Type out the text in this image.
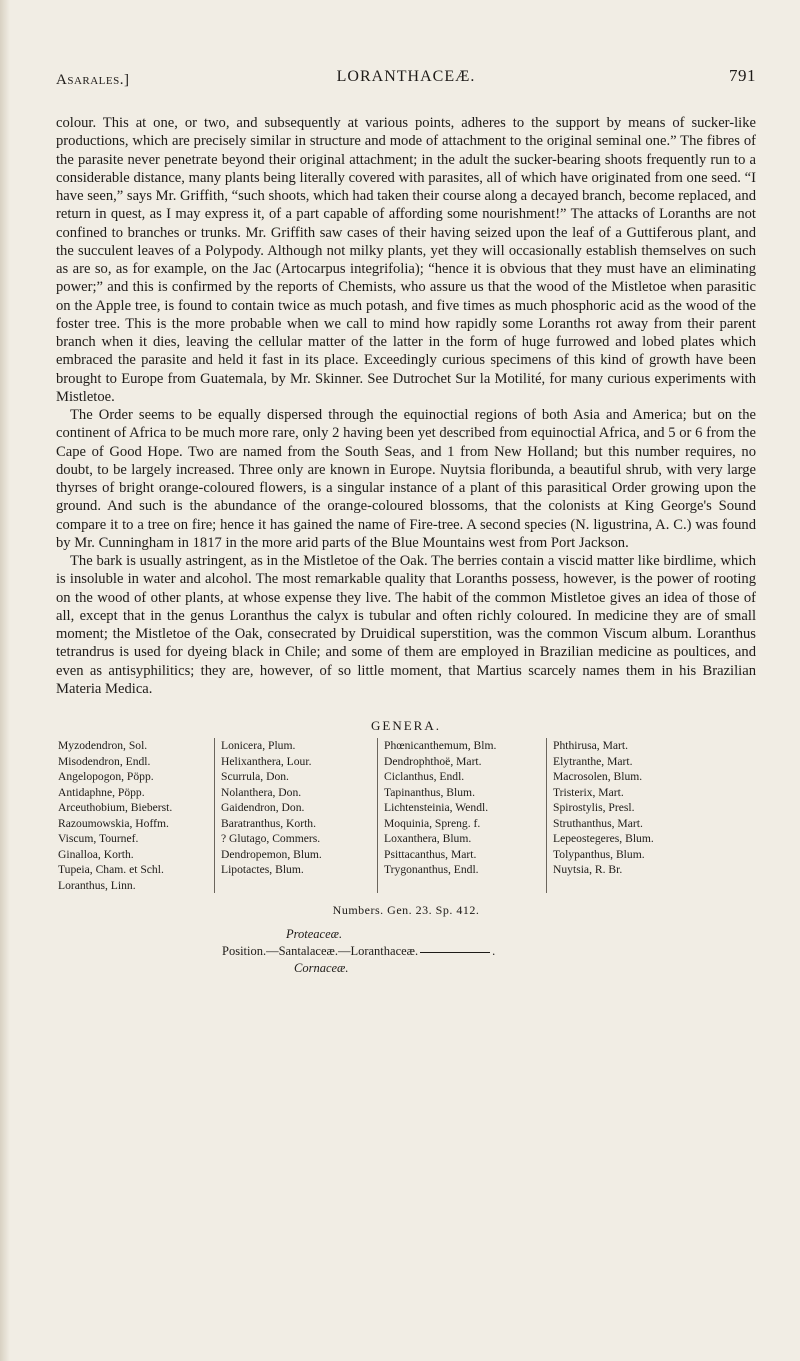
Asarales.]	LORANTHACEÆ.	791

colour. This at one, or two, and subsequently at various points, adheres to the support by means of sucker-like productions, which are precisely similar in structure and mode of attachment to the original seminal one.” The fibres of the parasite never penetrate beyond their original attachment; in the adult the sucker-bearing shoots frequently run to a considerable distance, many plants being literally covered with parasites, all of which have originated from one seed. “I have seen,” says Mr. Griffith, “such shoots, which had taken their course along a decayed branch, become replaced, and return in quest, as I may express it, of a part capable of affording some nourishment!” The attacks of Loranths are not confined to branches or trunks. Mr. Griffith saw cases of their having seized upon the leaf of a Guttiferous plant, and the succulent leaves of a Polypody. Although not milky plants, yet they will occasionally establish themselves on such as are so, as for example, on the Jac (Artocarpus integrifolia); “hence it is obvious that they must have an eliminating power;” and this is confirmed by the reports of Chemists, who assure us that the wood of the Mistletoe when parasitic on the Apple tree, is found to contain twice as much potash, and five times as much phosphoric acid as the wood of the foster tree. This is the more probable when we call to mind how rapidly some Loranths rot away from their parent branch when it dies, leaving the cellular matter of the latter in the form of huge furrowed and lobed plates which embraced the parasite and held it fast in its place. Exceedingly curious specimens of this kind of growth have been brought to Europe from Guatemala, by Mr. Skinner. See Dutrochet Sur la Motilité, for many curious experiments with Mistletoe.

The Order seems to be equally dispersed through the equinoctial regions of both Asia and America; but on the continent of Africa to be much more rare, only 2 having been yet described from equinoctial Africa, and 5 or 6 from the Cape of Good Hope. Two are named from the South Seas, and 1 from New Holland; but this number requires, no doubt, to be largely increased. Three only are known in Europe. Nuytsia floribunda, a beautiful shrub, with very large thyrses of bright orange-coloured flowers, is a singular instance of a plant of this parasitical Order growing upon the ground. And such is the abundance of the orange-coloured blossoms, that the colonists at King George's Sound compare it to a tree on fire; hence it has gained the name of Fire-tree. A second species (N. ligustrina, A. C.) was found by Mr. Cunningham in 1817 in the more arid parts of the Blue Mountains west from Port Jackson.

The bark is usually astringent, as in the Mistletoe of the Oak. The berries contain a viscid matter like birdlime, which is insoluble in water and alcohol. The most remarkable quality that Loranths possess, however, is the power of rooting on the wood of other plants, at whose expense they live. The habit of the common Mistletoe gives an idea of those of all, except that in the genus Loranthus the calyx is tubular and often richly coloured. In medicine they are of small moment; the Mistletoe of the Oak, consecrated by Druidical superstition, was the common Viscum album. Loranthus tetrandrus is used for dyeing black in Chile; and some of them are employed in Brazilian medicine as poultices, and even as antisyphilitics; they are, however, of so little moment, that Martius scarcely names them in his Brazilian Materia Medica.

GENERA.
Myzodendron, Sol.
Misodendron, Endl.
Angelopogon, Pöpp.
Antidaphne, Pöpp.
Arceuthobium, Bieberst.
Razoumowskia, Hoffm.
Viscum, Tournef.
Ginalloa, Korth.
Tupeia, Cham. et Schl.
Loranthus, Linn.
Lonicera, Plum.
Helixanthera, Lour.
Scurrula, Don.
Nolanthera, Don.
Gaidendron, Don.
Baratranthus, Korth.
? Glutago, Commers.
Dendropemon, Blum.
Lipotactes, Blum.
Phœnicanthemum, Blm.
Dendrophthoë, Mart.
Ciclanthus, Endl.
Tapinanthus, Blum.
Lichtensteinia, Wendl.
Moquinia, Spreng. f.
Loxanthera, Blum.
Psittacanthus, Mart.
Trygonanthus, Endl.
Phthirusa, Mart.
Elytranthe, Mart.
Macrosolen, Blum.
Tristerix, Mart.
Spirostylis, Presl.
Struthanthus, Mart.
Lepeostegeres, Blum.
Tolypanthus, Blum.
Nuytsia, R. Br.
Numbers. Gen. 23. Sp. 412.
Proteaceæ.
Position.—Santalaceæ.—Loranthaceæ.	.
Cornaceæ.
